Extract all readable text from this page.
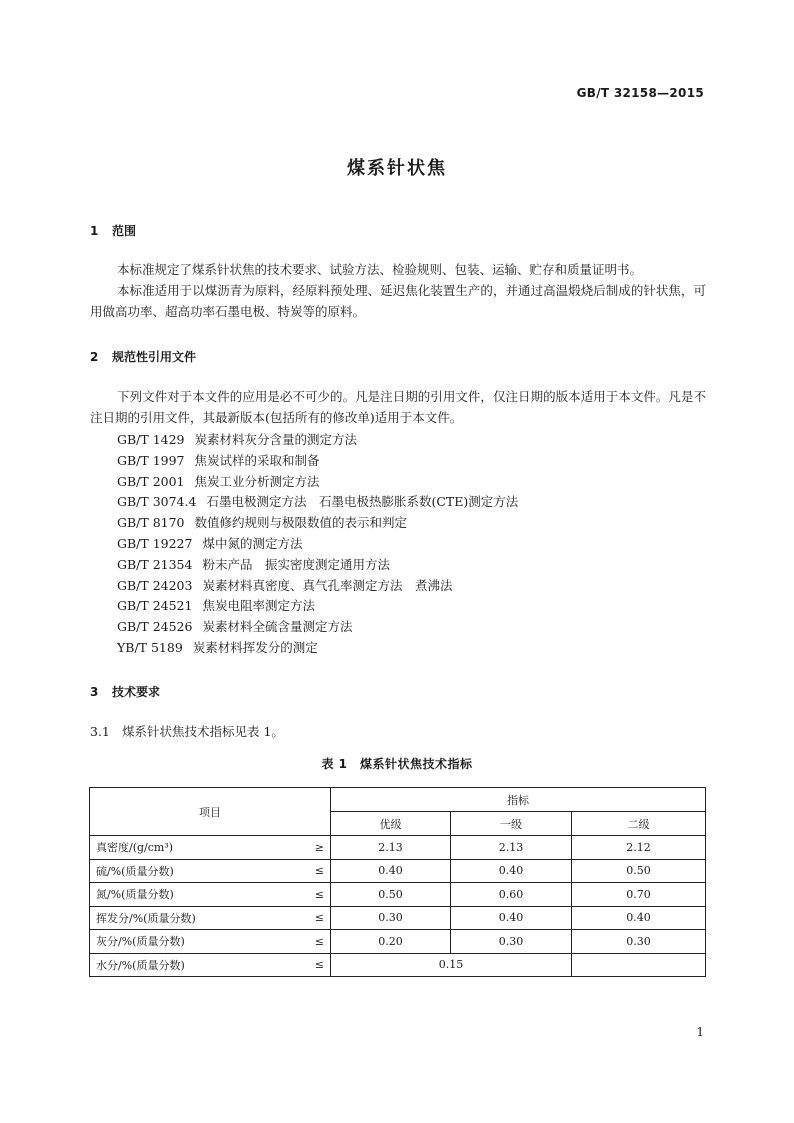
GB/T 32158—2015
煤系针状焦
1 范围

本标准规定了煤系针状焦的技术要求、试验方法、检验规则、包装、运输、贮存和质量证明书。

本标准适用于以煤沥青为原料，经原料预处理、延迟焦化装置生产的，并通过高温煅烧后制成的针状焦，可用做高功率、超高功率石墨电极、特炭等的原料。

2 规范性引用文件

下列文件对于本文件的应用是必不可少的。凡是注日期的引用文件，仅注日期的版本适用于本文件。凡是不注日期的引用文件，其最新版本(包括所有的修改单)适用于本文件。

GB/T 1429 炭素材料灰分含量的测定方法
GB/T 1997 焦炭试样的采取和制备
GB/T 2001 焦炭工业分析测定方法
GB/T 3074.4 石墨电极测定方法　石墨电极热膨胀系数(CTE)测定方法
GB/T 8170 数值修约规则与极限数值的表示和判定
GB/T 19227 煤中氮的测定方法
GB/T 21354 粉末产品　振实密度测定通用方法
GB/T 24203 炭素材料真密度、真气孔率测定方法　煮沸法
GB/T 24521 焦炭电阻率测定方法
GB/T 24526 炭素材料全硫含量测定方法
YB/T 5189 炭素材料挥发分的测定
3 技术要求
3.1 煤系针状焦技术指标见表 1。
表 1　煤系针状焦技术指标
项目	指标		
	优级	一级	二级

真密度/(g/cm³) ≥	2.13	2.13	2.12

硫/%(质量分数) ≤	0.40	0.40	0.50

氮/%(质量分数) ≤	0.50	0.60	0.70

挥发分/%(质量分数) ≤	0.30	0.40	0.40

灰分/%(质量分数) ≤	0.20	0.30	0.30

水分/%(质量分数) ≤	0.15		
1
